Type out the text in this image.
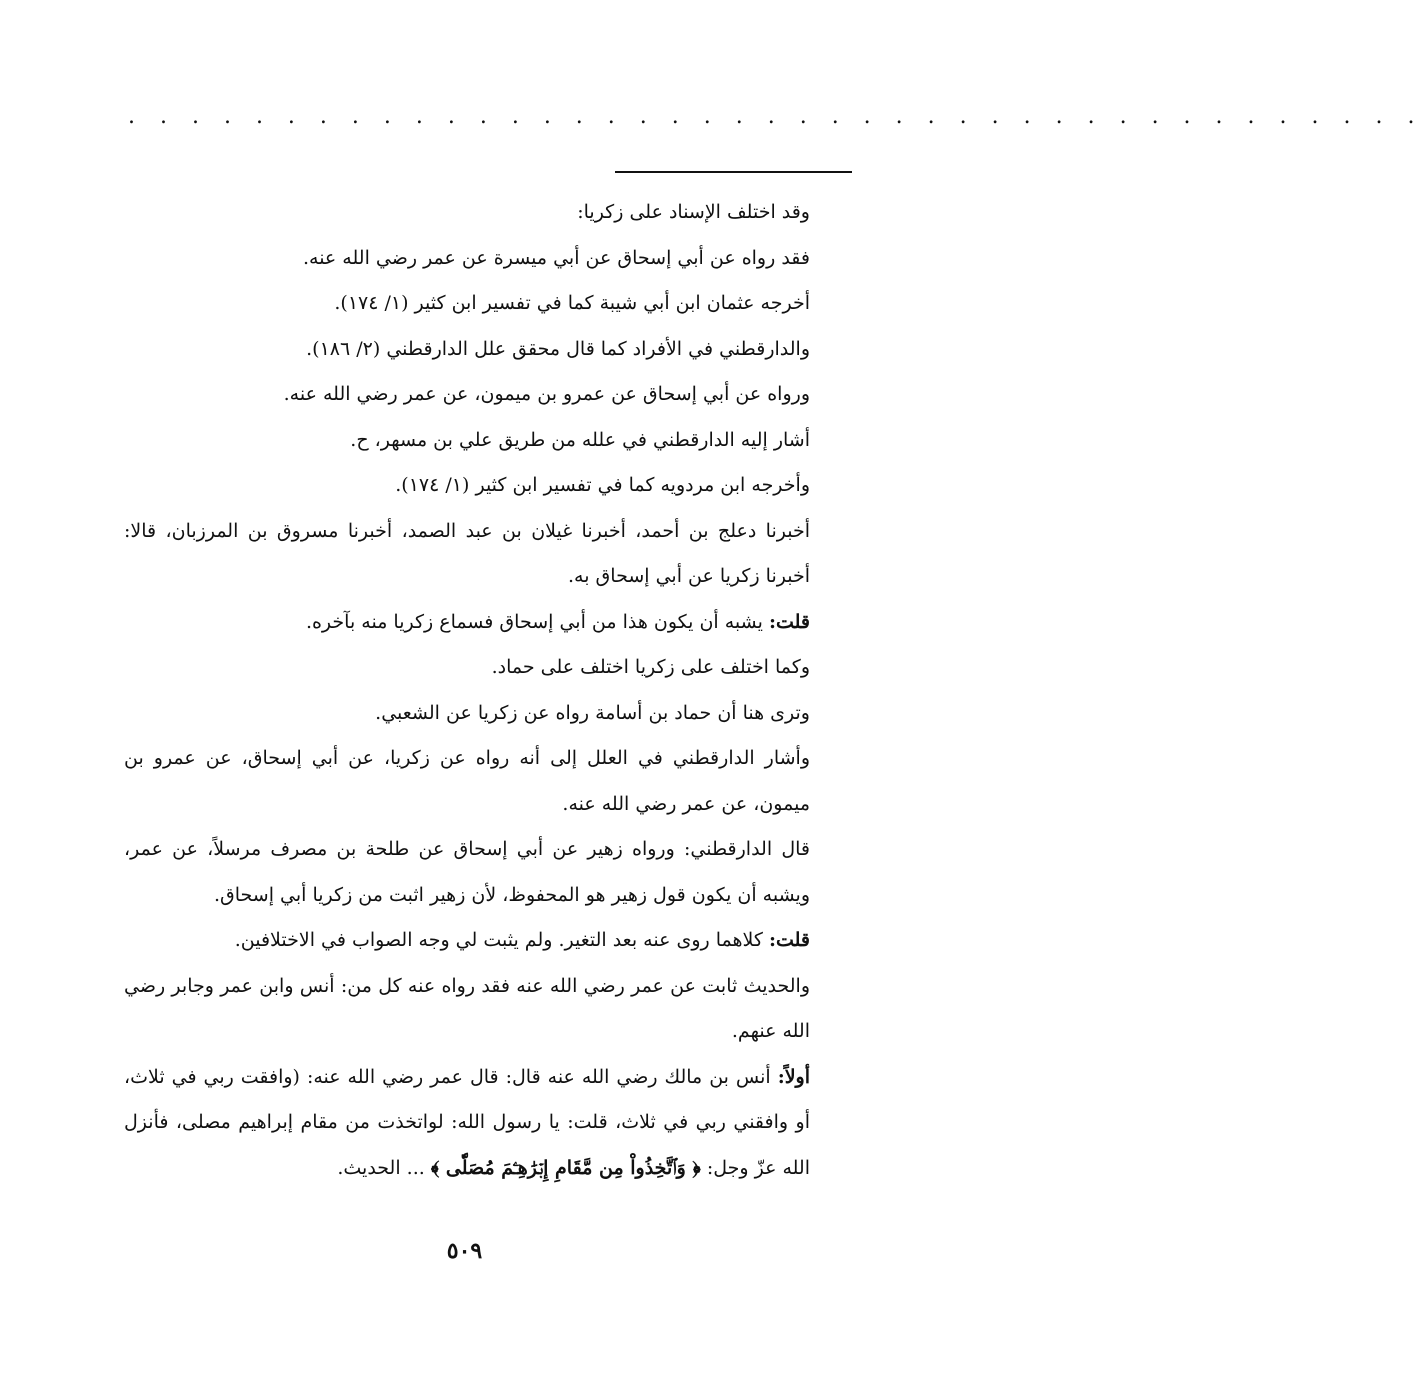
. . . . . . . . . . . . . . . . . . . . . . . . . . . . . . . . . . . . . . . . .

وقد اختلف الإسناد على زكريا:

فقد رواه عن أبي إسحاق عن أبي ميسرة عن عمر رضي الله عنه.

أخرجه عثمان ابن أبي شيبة كما في تفسير ابن كثير (١/ ١٧٤).

والدارقطني في الأفراد كما قال محقق علل الدارقطني (٢/ ١٨٦).

ورواه عن أبي إسحاق عن عمرو بن ميمون، عن عمر رضي الله عنه.

أشار إليه الدارقطني في علله من طريق علي بن مسهر، ح.

وأخرجه ابن مردويه كما في تفسير ابن كثير (١/ ١٧٤).

أخبرنا دعلج بن أحمد، أخبرنا غيلان بن عبد الصمد، أخبرنا مسروق بن المرزبان، قالا: أخبرنا زكريا عن أبي إسحاق به.

قلت: يشبه أن يكون هذا من أبي إسحاق فسماع زكريا منه بآخره.

وكما اختلف على زكريا اختلف على حماد.

وترى هنا أن حماد بن أسامة رواه عن زكريا عن الشعبي.

وأشار الدارقطني في العلل إلى أنه رواه عن زكريا، عن أبي إسحاق، عن عمرو بن ميمون، عن عمر رضي الله عنه.

قال الدارقطني: ورواه زهير عن أبي إسحاق عن طلحة بن مصرف مرسلاً، عن عمر، ويشبه أن يكون قول زهير هو المحفوظ، لأن زهير اثبت من زكريا أبي إسحاق.

قلت: كلاهما روى عنه بعد التغير. ولم يثبت لي وجه الصواب في الاختلافين.

والحديث ثابت عن عمر رضي الله عنه فقد رواه عنه كل من: أنس وابن عمر وجابر رضي الله عنهم.

أولاً: أنس بن مالك رضي الله عنه قال: قال عمر رضي الله عنه: (وافقت ربي في ثلاث، أو وافقني ربي في ثلاث، قلت: يا رسول الله: لواتخذت من مقام إبراهيم مصلى، فأنزل الله عزّ وجل: ﴿ وَٱتَّخِذُواْ مِن مَّقَامِ إِبۡرَٰهِـۧمَ مُصَلّٗى ﴾ ... الحديث.

٥٠٩
